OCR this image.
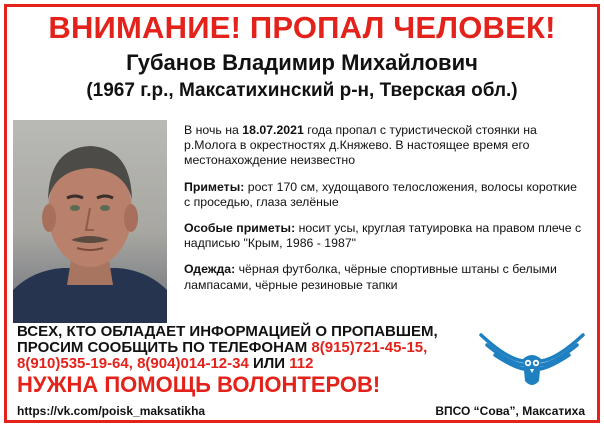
ВНИМАНИЕ! ПРОПАЛ ЧЕЛОВЕК!
Губанов Владимир Михайлович
(1967 г.р., Максатихинский р-н, Тверская обл.)

В ночь на 18.07.2021 года пропал с туристической стоянки на р.Молога в окрестностях д.Княжево. В настоящее время его местонахождение неизвестно

Приметы: рост 170 см, худощавого телосложения, волосы короткие с проседью, глаза зелёные

Особые приметы: носит усы, круглая татуировка на правом плече с надписью "Крым, 1986 - 1987"

Одежда: чёрная футболка, чёрные спортивные штаны с белыми лампасами, чёрные резиновые тапки

ВСЕХ, КТО ОБЛАДАЕТ ИНФОРМАЦИЕЙ О ПРОПАВШЕМ,
ПРОСИМ СООБЩИТЬ ПО ТЕЛЕФОНАМ 8(915)721-45-15,
8(910)535-19-64, 8(904)014-12-34 ИЛИ 112
НУЖНА ПОМОЩЬ ВОЛОНТЕРОВ!
https://vk.com/poisk_maksatikha	ВПСО “Сова”, Максатиха
